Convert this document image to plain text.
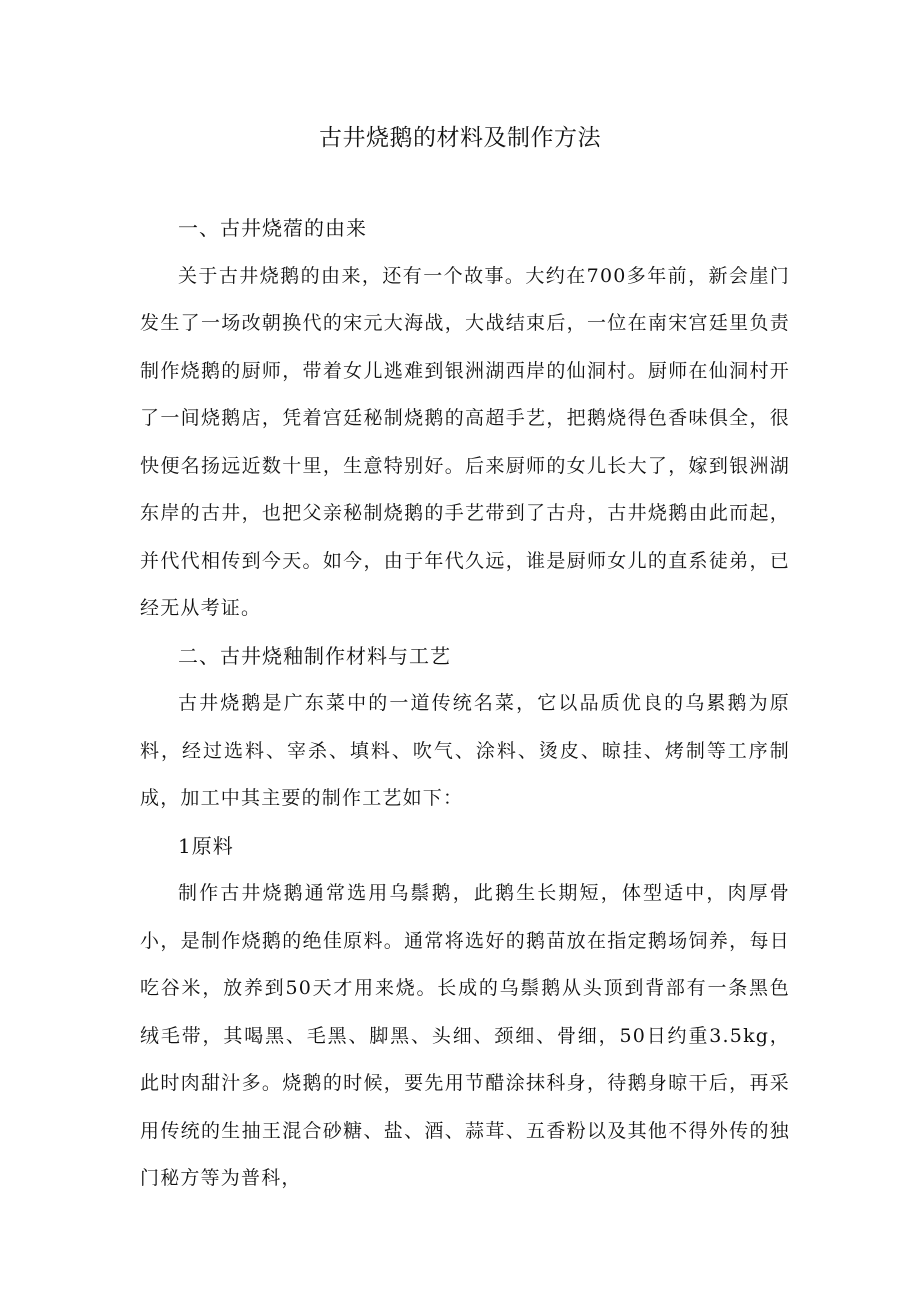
古井烧鹅的材料及制作方法

一、古井烧蓿的由来

关于古井烧鹅的由来，还有一个故事。大约在700多年前，新会崖门发生了一场改朝换代的宋元大海战，大战结束后，一位在南宋宫廷里负责制作烧鹅的厨师，带着女儿逃难到银洲湖西岸的仙洞村。厨师在仙洞村开了一间烧鹅店，凭着宫廷秘制烧鹅的高超手艺，把鹅烧得色香味俱全，很快便名扬远近数十里，生意特别好。后来厨师的女儿长大了，嫁到银洲湖东岸的古井，也把父亲秘制烧鹅的手艺带到了古舟，古井烧鹅由此而起，并代代相传到今天。如今，由于年代久远，谁是厨师女儿的直系徒弟，已经无从考证。

二、古井烧釉制作材料与工艺

古井烧鹅是广东菜中的一道传统名菜，它以品质优良的乌累鹅为原料，经过选料、宰杀、填料、吹气、涂料、烫皮、晾挂、烤制等工序制成，加工中其主要的制作工艺如下：

1原料

制作古井烧鹅通常选用乌鬃鹅，此鹅生长期短，体型适中，肉厚骨小，是制作烧鹅的绝佳原料。通常将选好的鹅苗放在指定鹅场饲养，每日吃谷米，放养到50天才用来烧。长成的乌鬃鹅从头顶到背部有一条黑色绒毛带，其喝黑、毛黑、脚黑、头细、颈细、骨细，50日约重3.5kg，此时肉甜汁多。烧鹅的时候，要先用节醋涂抹科身，待鹅身晾干后，再采用传统的生抽王混合砂糖、盐、酒、蒜茸、五香粉以及其他不得外传的独门秘方等为普科，
